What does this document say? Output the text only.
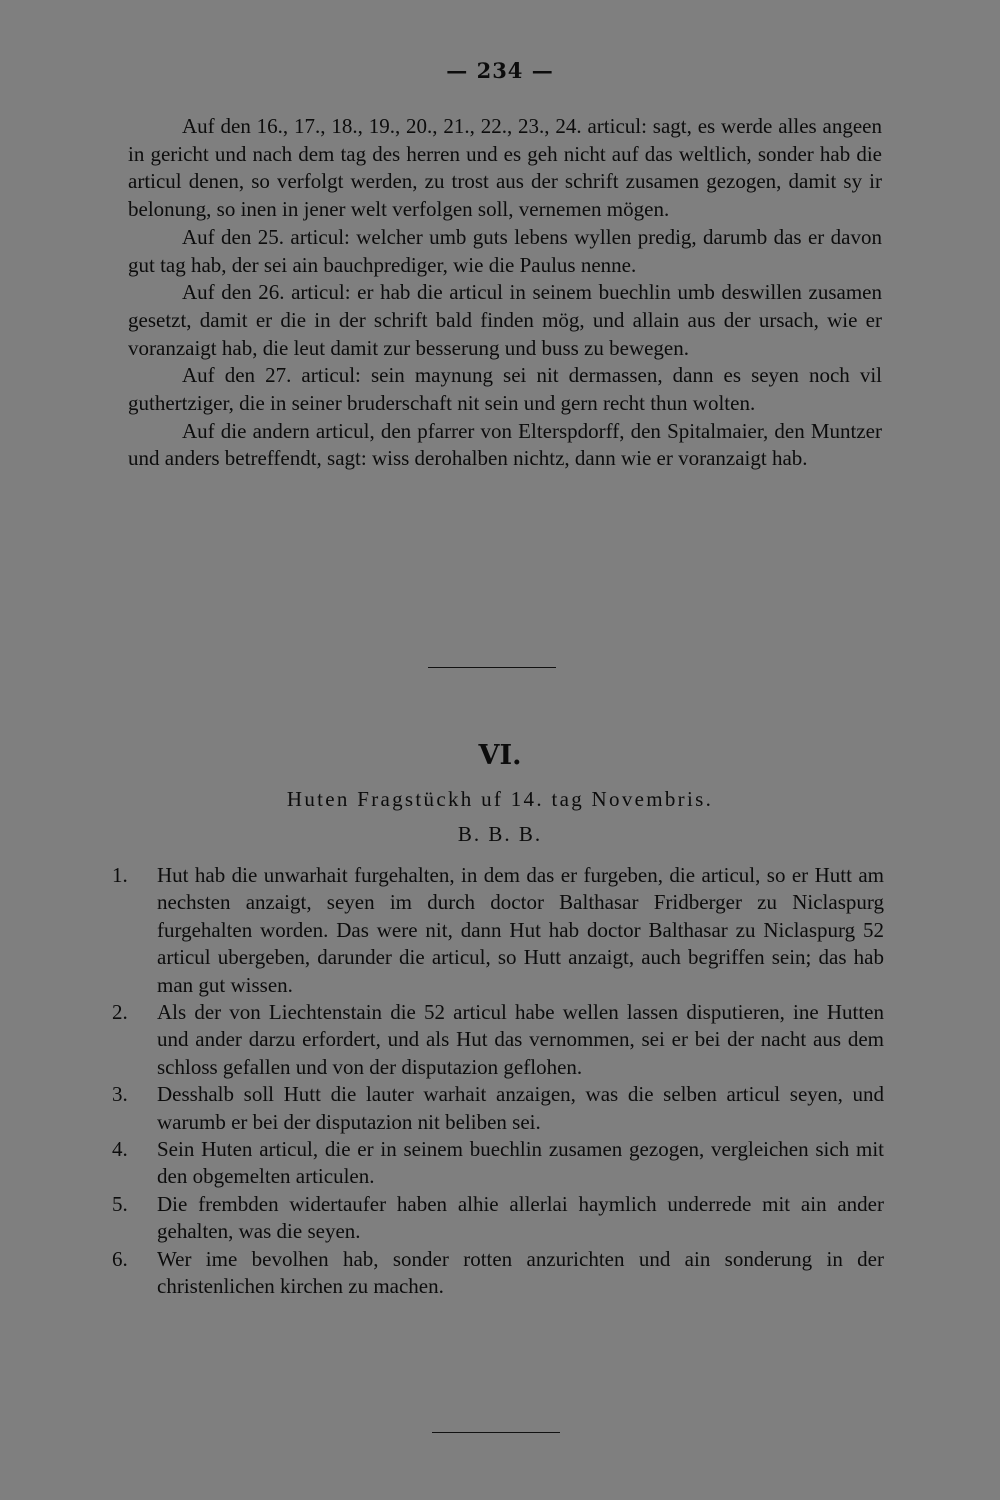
— 234 —

Auf den 16., 17., 18., 19., 20., 21., 22., 23., 24. articul: sagt, es werde alles angeen in gericht und nach dem tag des herren und es geh nicht auf das weltlich, sonder hab die articul denen, so verfolgt werden, zu trost aus der schrift zusamen gezogen, damit sy ir belonung, so inen in jener welt verfolgen soll, vernemen mögen.

Auf den 25. articul: welcher umb guts lebens wyllen predig, darumb das er davon gut tag hab, der sei ain bauchprediger, wie die Paulus nenne.

Auf den 26. articul: er hab die articul in seinem buechlin umb deswillen zusamen gesetzt, damit er die in der schrift bald finden mög, und allain aus der ursach, wie er voranzaigt hab, die leut damit zur besserung und buss zu bewegen.

Auf den 27. articul: sein maynung sei nit dermassen, dann es seyen noch vil guthertziger, die in seiner bruderschaft nit sein und gern recht thun wolten.

Auf die andern articul, den pfarrer von Elterspdorff, den Spitalmaier, den Muntzer und anders betreffendt, sagt: wiss derohalben nichtz, dann wie er voranzaigt hab.

VI.
Huten Fragstückh uf 14. tag Novembris.
B. B. B.
1.	Hut hab die unwarhait furgehalten, in dem das er furgeben, die articul, so er Hutt am nechsten anzaigt, seyen im durch doctor Balthasar Fridberger zu Niclaspurg furgehalten worden. Das were nit, dann Hut hab doctor Balthasar zu Niclaspurg 52 articul ubergeben, darunder die articul, so Hutt anzaigt, auch begriffen sein; das hab man gut wissen.
2.	Als der von Liechtenstain die 52 articul habe wellen lassen disputieren, ine Hutten und ander darzu erfordert, und als Hut das vernommen, sei er bei der nacht aus dem schloss gefallen und von der disputazion geflohen.
3.	Desshalb soll Hutt die lauter warhait anzaigen, was die selben articul seyen, und warumb er bei der disputazion nit beliben sei.
4.	Sein Huten articul, die er in seinem buechlin zusamen gezogen, vergleichen sich mit den obgemelten articulen.
5.	Die frembden widertaufer haben alhie allerlai haymlich underrede mit ain ander gehalten, was die seyen.
6.	Wer ime bevolhen hab, sonder rotten anzurichten und ain sonderung in der christenlichen kirchen zu machen.
